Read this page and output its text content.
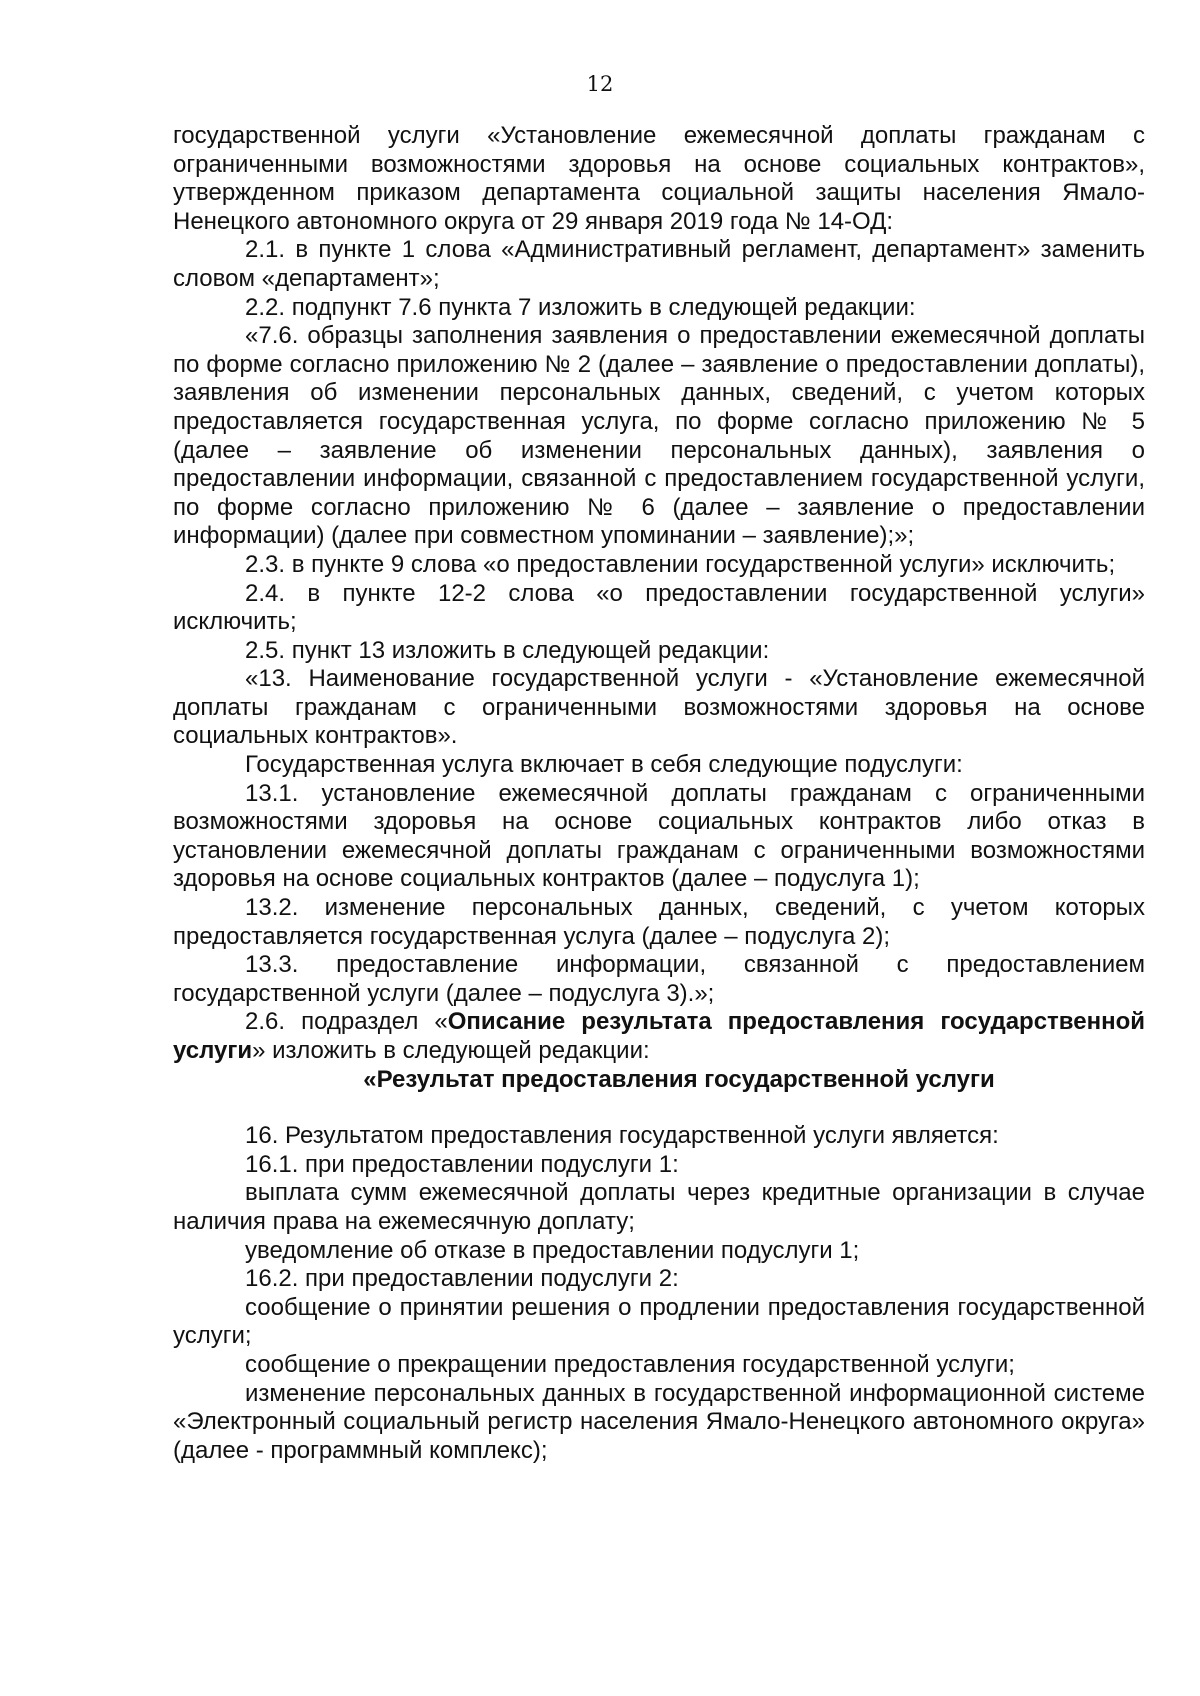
12

государственной услуги «Установление ежемесячной доплаты гражданам с ограниченными возможностями здоровья на основе социальных контрактов», утвержденном приказом департамента социальной защиты населения Ямало-Ненецкого автономного округа от 29 января 2019 года № 14-ОД:

2.1. в пункте 1 слова «Административный регламент, департамент» заменить словом «департамент»;

2.2. подпункт 7.6 пункта 7 изложить в следующей редакции:

«7.6. образцы заполнения заявления о предоставлении ежемесячной доплаты по форме согласно приложению № 2 (далее – заявление о предоставлении доплаты), заявления об изменении персональных данных, сведений, с учетом которых предоставляется государственная услуга, по форме согласно приложению № 5 (далее – заявление об изменении персональных данных), заявления о предоставлении информации, связанной с предоставлением государственной услуги, по форме согласно приложению № 6 (далее – заявление о предоставлении информации) (далее при совместном упоминании – заявление);»;

2.3. в пункте 9 слова «о предоставлении государственной услуги» исключить;

2.4. в пункте 12-2 слова «о предоставлении государственной услуги» исключить;

2.5. пункт 13 изложить в следующей редакции:

«13. Наименование государственной услуги - «Установление ежемесячной доплаты гражданам с ограниченными возможностями здоровья на основе социальных контрактов».

Государственная услуга включает в себя следующие подуслуги:

13.1. установление ежемесячной доплаты гражданам с ограниченными возможностями здоровья на основе социальных контрактов либо отказ в установлении ежемесячной доплаты гражданам с ограниченными возможностями здоровья на основе социальных контрактов (далее – подуслуга 1);

13.2. изменение персональных данных, сведений, с учетом которых предоставляется государственная услуга (далее – подуслуга 2);

13.3. предоставление информации, связанной с предоставлением государственной услуги (далее – подуслуга 3).»;

2.6. подраздел «Описание результата предоставления государственной услуги» изложить в следующей редакции:

«Результат предоставления государственной услуги

16. Результатом предоставления государственной услуги является:

16.1. при предоставлении подуслуги 1:

выплата сумм ежемесячной доплаты через кредитные организации в случае наличия права на ежемесячную доплату;

уведомление об отказе в предоставлении подуслуги 1;

16.2. при предоставлении подуслуги 2:

сообщение о принятии решения о продлении предоставления государственной услуги;

сообщение о прекращении предоставления государственной услуги;

изменение персональных данных в государственной информационной системе «Электронный социальный регистр населения Ямало-Ненецкого автономного округа» (далее - программный комплекс);
